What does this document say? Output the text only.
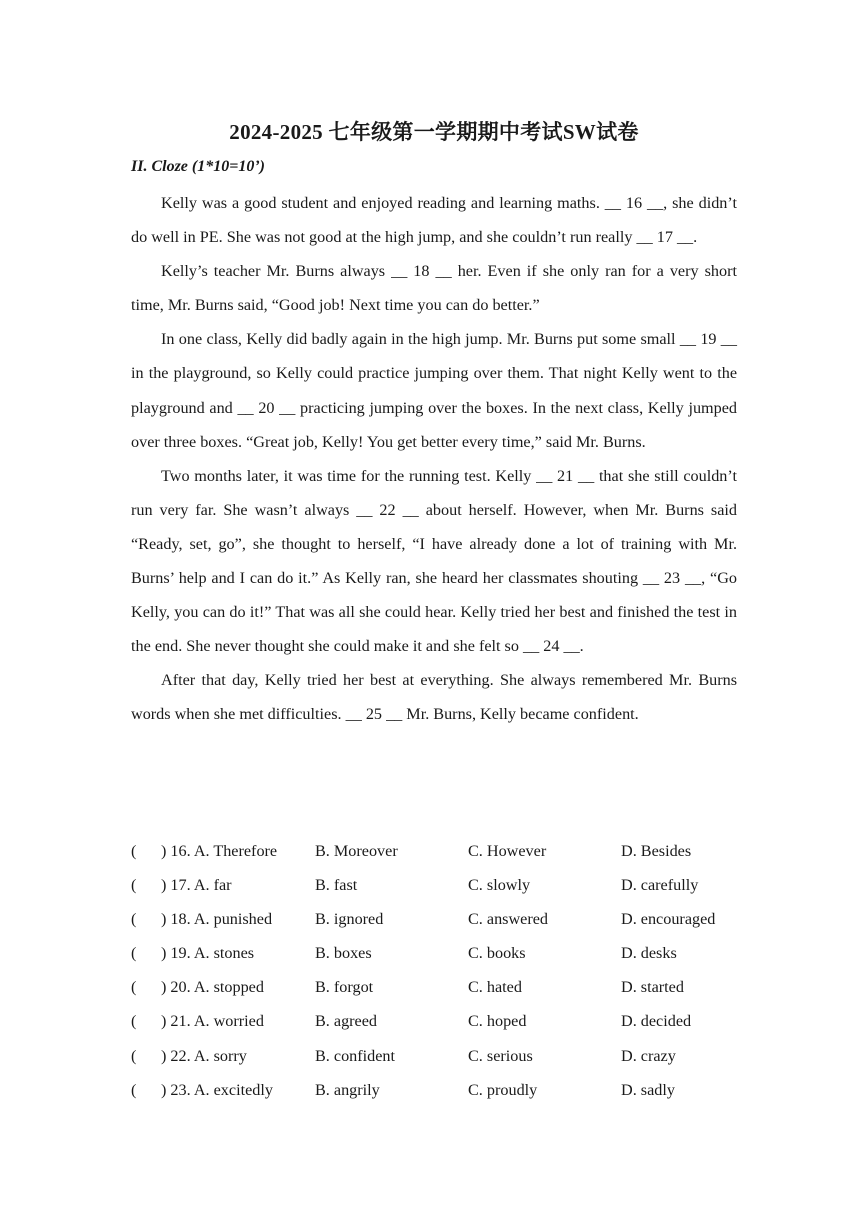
2024-2025 七年级第一学期期中考试SW试卷
II. Cloze (1*10=10’)

Kelly was a good student and enjoyed reading and learning maths. __ 16 __, she didn’t do well in PE. She was not good at the high jump, and she couldn’t run really __ 17 __.

Kelly’s teacher Mr. Burns always __ 18 __ her. Even if she only ran for a very short time, Mr. Burns said, “Good job! Next time you can do better.”

In one class, Kelly did badly again in the high jump. Mr. Burns put some small __ 19 __ in the playground, so Kelly could practice jumping over them. That night Kelly went to the playground and __ 20 __ practicing jumping over the boxes. In the next class, Kelly jumped over three boxes. “Great job, Kelly! You get better every time,” said Mr. Burns.

Two months later, it was time for the running test. Kelly __ 21 __ that she still couldn’t run very far. She wasn’t always __ 22 __ about herself. However, when Mr. Burns said “Ready, set, go”, she thought to herself, “I have already done a lot of training with Mr. Burns’ help and I can do it.” As Kelly ran, she heard her classmates shouting __ 23 __, “Go Kelly, you can do it!” That was all she could hear. Kelly tried her best and finished the test in the end. She never thought she could make it and she felt so __ 24 __.

After that day, Kelly tried her best at everything. She always remembered Mr. Burns words when she met difficulties. __ 25 __ Mr. Burns, Kelly became confident.

( ) 16. A. Therefore B. Moreover	C. However	D. Besides
( ) 17. A. far	B. fast	C. slowly	D. carefully
( ) 18. A. punished	B. ignored	C. answered	D. encouraged
( ) 19. A. stones	B. boxes	C. books	D. desks
( ) 20. A. stopped	B. forgot	C. hated	D. started
( ) 21. A. worried	B. agreed	C. hoped	D. decided
( ) 22. A. sorry	B. confident	C. serious	D. crazy
( ) 23. A. excitedly	B. angrily	C. proudly	D. sadly
